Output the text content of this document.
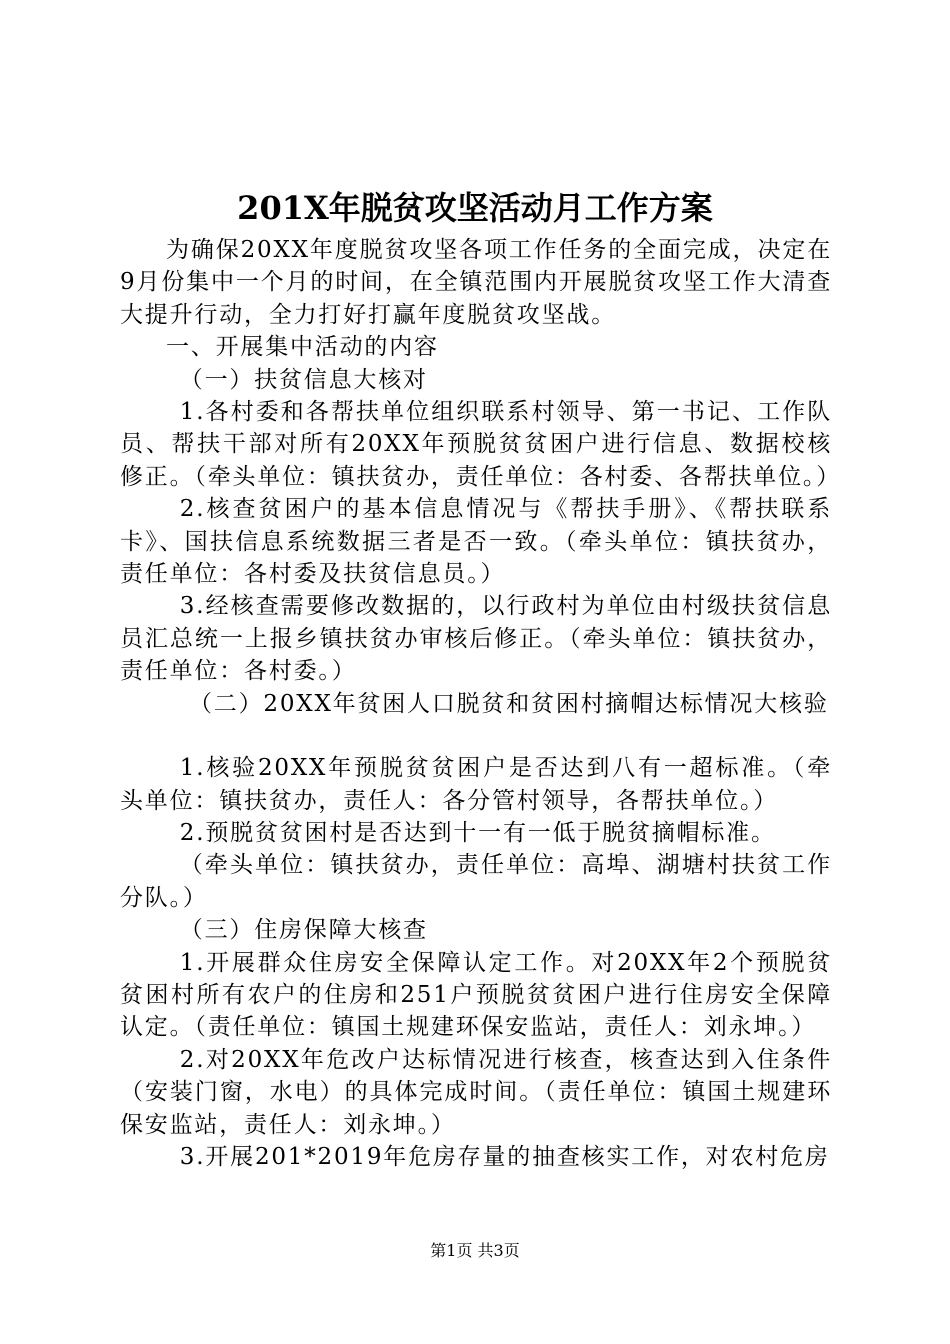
201X年脱贫攻坚活动月工作方案

为确保20XX年度脱贫攻坚各项工作任务的全面完成，决定在9月份集中一个月的时间，在全镇范围内开展脱贫攻坚工作大清查大提升行动，全力打好打赢年度脱贫攻坚战。

一、开展集中活动的内容

（一）扶贫信息大核对

1.各村委和各帮扶单位组织联系村领导、第一书记、工作队员、帮扶干部对所有20XX年预脱贫贫困户进行信息、数据校核修正。（牵头单位：镇扶贫办，责任单位：各村委、各帮扶单位。）

2.核查贫困户的基本信息情况与《帮扶手册》、《帮扶联系卡》、国扶信息系统数据三者是否一致。（牵头单位：镇扶贫办，责任单位：各村委及扶贫信息员。）

3.经核查需要修改数据的，以行政村为单位由村级扶贫信息员汇总统一上报乡镇扶贫办审核后修正。（牵头单位：镇扶贫办，责任单位：各村委。）

（二）20XX年贫困人口脱贫和贫困村摘帽达标情况大核验

1.核验20XX年预脱贫贫困户是否达到八有一超标准。（牵头单位：镇扶贫办，责任人：各分管村领导，各帮扶单位。）

2.预脱贫贫困村是否达到十一有一低于脱贫摘帽标准。

（牵头单位：镇扶贫办，责任单位：高埠、湖塘村扶贫工作分队。）

（三）住房保障大核查

1.开展群众住房安全保障认定工作。对20XX年2个预脱贫贫困村所有农户的住房和251户预脱贫贫困户进行住房安全保障认定。（责任单位：镇国土规建环保安监站，责任人：刘永坤。）

2.对20XX年危改户达标情况进行核查，核查达到入住条件（安装门窗，水电）的具体完成时间。（责任单位：镇国土规建环保安监站，责任人：刘永坤。）

3.开展201*2019年危房存量的抽查核实工作，对农村危房

第1页 共3页
